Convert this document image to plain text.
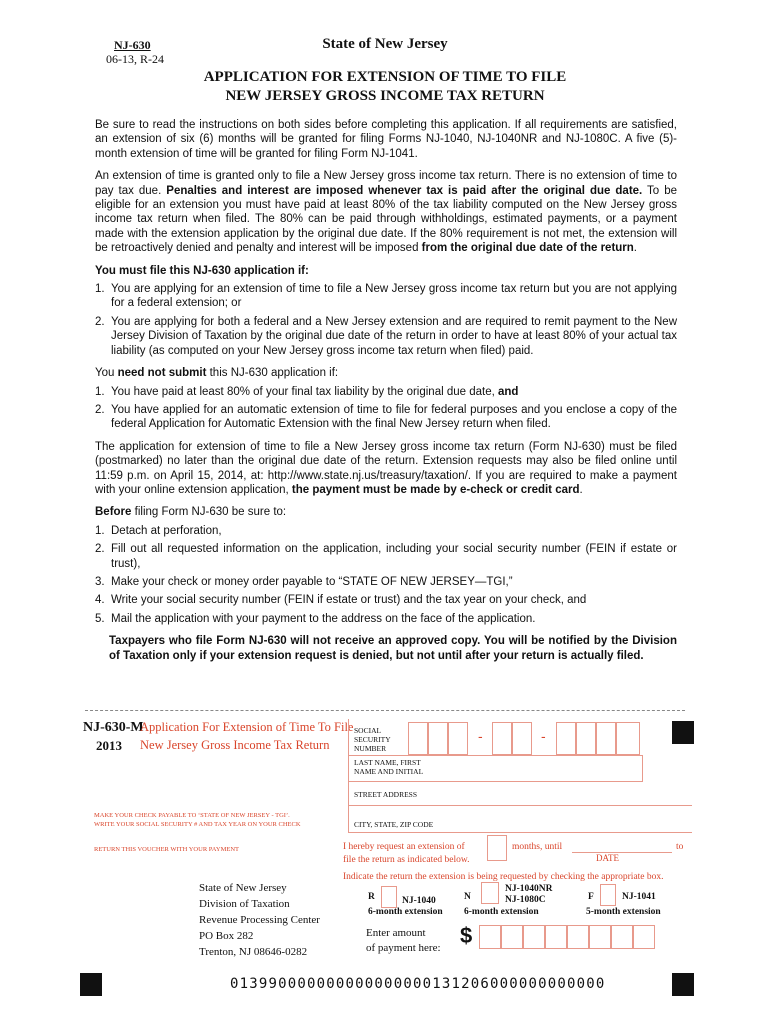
NJ-630
06-13, R-24
State of New Jersey
APPLICATION FOR EXTENSION OF TIME TO FILE
NEW JERSEY GROSS INCOME TAX RETURN

Be sure to read the instructions on both sides before completing this application. If all requirements are satisfied, an extension of six (6) months will be granted for filing Forms NJ-1040, NJ-1040NR and NJ-1080C. A five (5)-month extension of time will be granted for filing Form NJ-1041.

An extension of time is granted only to file a New Jersey gross income tax return. There is no extension of time to pay tax due. Penalties and interest are imposed whenever tax is paid after the original due date. To be eligible for an extension you must have paid at least 80% of the tax liability computed on the New Jersey gross income tax return when filed. The 80% can be paid through withholdings, estimated payments, or a payment made with the extension application by the original due date. If the 80% requirement is not met, the extension will be retroactively denied and penalty and interest will be imposed from the original due date of the return.

You must file this NJ-630 application if:

1. You are applying for an extension of time to file a New Jersey gross income tax return but you are not applying for a federal extension; or
2. You are applying for both a federal and a New Jersey extension and are required to remit payment to the New Jersey Division of Taxation by the original due date of the return in order to have at least 80% of your actual tax liability (as computed on your New Jersey gross income tax return when filed) paid.

You need not submit this NJ-630 application if:

1. You have paid at least 80% of your final tax liability by the original due date, and
2. You have applied for an automatic extension of time to file for federal purposes and you enclose a copy of the federal Application for Automatic Extension with the final New Jersey return when filed.

The application for extension of time to file a New Jersey gross income tax return (Form NJ-630) must be filed (postmarked) no later than the original due date of the return. Extension requests may also be filed online until 11:59 p.m. on April 15, 2014, at: http://www.state.nj.us/treasury/taxation/. If you are required to make a payment with your online extension application, the payment must be made by e-check or credit card.

Before filing Form NJ-630 be sure to:

1. Detach at perforation,
2. Fill out all requested information on the application, including your social security number (FEIN if estate or trust),
3. Make your check or money order payable to “STATE OF NEW JERSEY—TGI,”
4. Write your social security number (FEIN if estate or trust) and the tax year on your check, and
5. Mail the application with your payment to the address on the face of the application.

Taxpayers who file Form NJ-630 will not receive an approved copy. You will be notified by the Division of Taxation only if your extension request is denied, but not until after your return is actually filed.

NJ-630-M
2013
Application For Extension of Time To File
New Jersey Gross Income Tax Return
SOCIAL SECURITY NUMBER
-	-
LAST NAME, FIRST NAME AND INITIAL
STREET ADDRESS
CITY, STATE, ZIP CODE
MAKE YOUR CHECK PAYABLE TO ‘STATE OF NEW JERSEY - TGI’.
WRITE YOUR SOCIAL SECURITY # AND TAX YEAR ON YOUR CHECK
RETURN THIS VOUCHER WITH YOUR PAYMENT	I hereby request an extension of	months, until	to
file the return as indicated below.	DATE
Indicate the return the extension is being requested by checking the appropriate box.
R	NJ-1040
6-month extension
N
NJ-1040NR
NJ-1080C
6-month extension
F	NJ-1041
5-month extension
State of New Jersey
Division of Taxation
Revenue Processing Center
PO Box 282
Trenton, NJ 08646-0282
Enter amount
of payment here: $
013990000000000000000131206000000000000
